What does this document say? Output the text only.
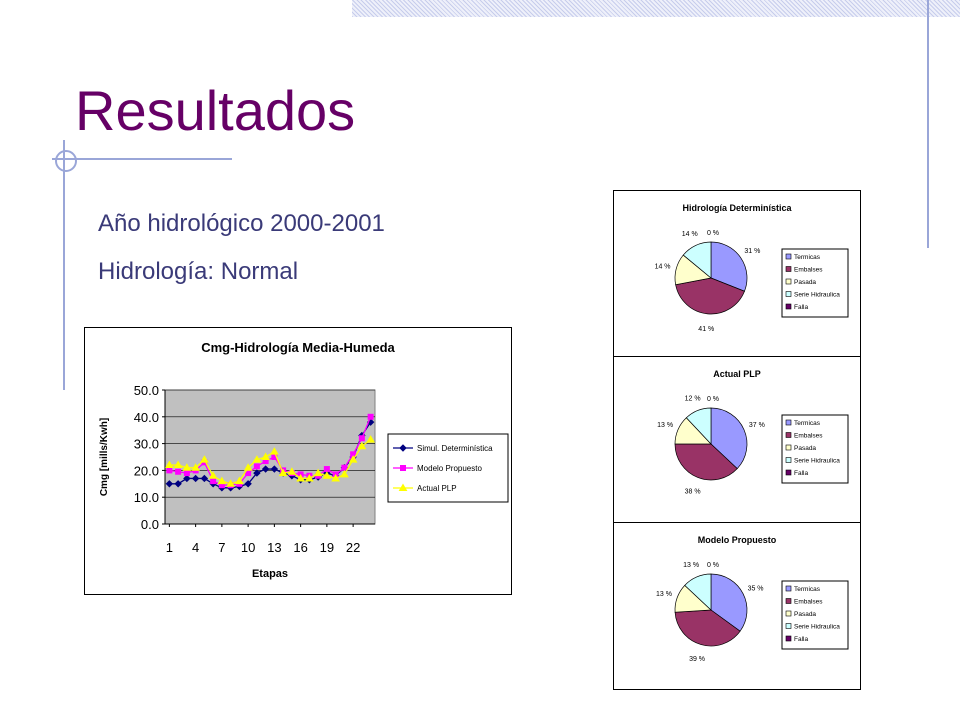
Resultados
Año hidrológico 2000-2001
Hidrología: Normal
Cmg-Hidrología Media-Humeda
0.0
10.0
20.0
30.0
40.0
50.0
1 4 7 10 13 16 19 22
Etapas
Cmg [mills/Kwh]	Simul. Determinística
Modelo Propuesto
Actual PLP
Hidrología Determinística
31 %
41 %
14 %
14 % 0 %
Termicas
Embalses
Pasada
Serie Hidraulica
Falla
Actual PLP
37 %
38 %
13 %
12 % 0 %
Termicas
Embalses
Pasada
Serie Hidraulica
Falla
Modelo Propuesto
35 %
39 %
13 %
13 % 0 %
Termicas
Embalses
Pasada
Serie Hidraulica
Falla
